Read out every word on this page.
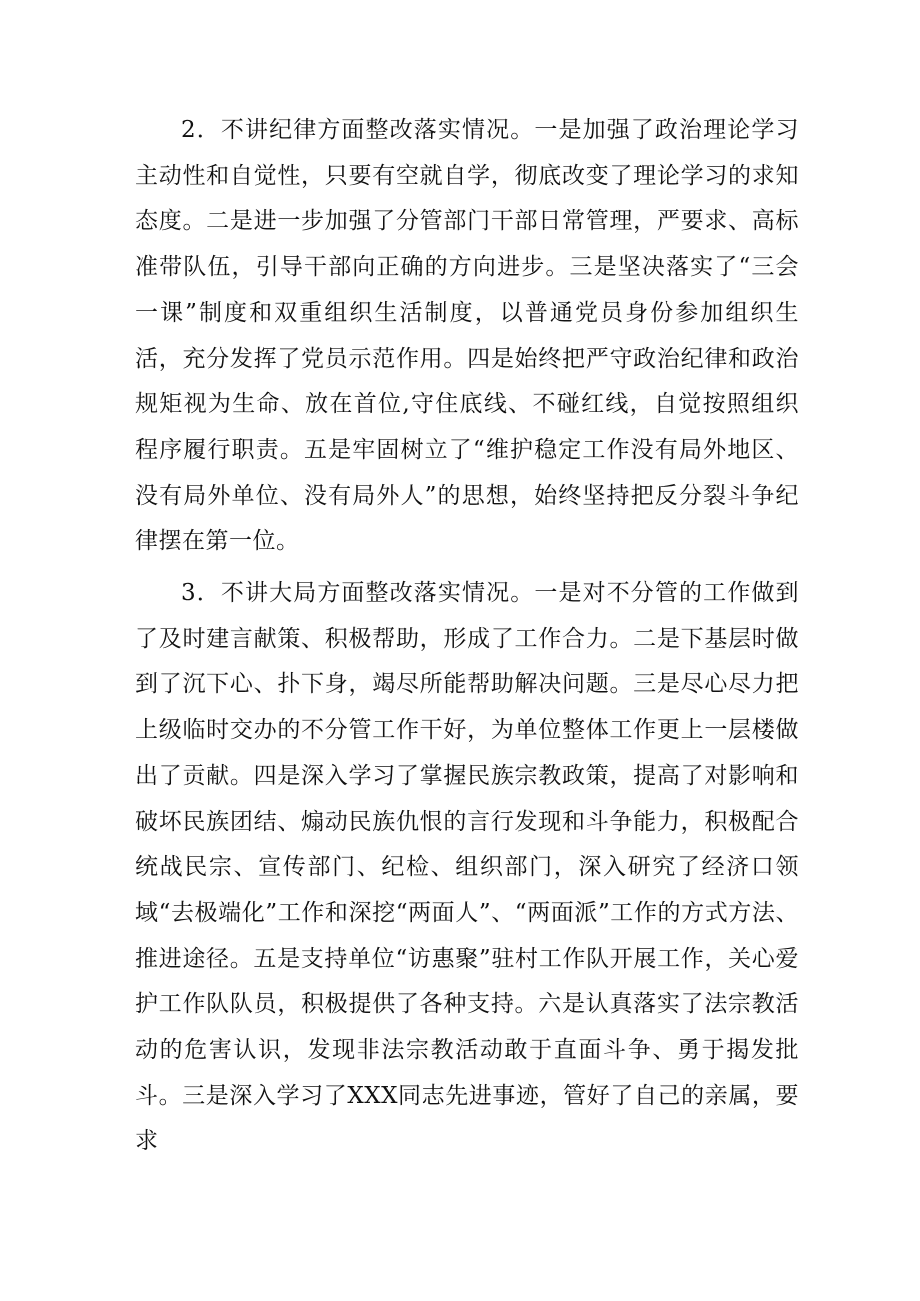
2．不讲纪律方面整改落实情况。一是加强了政治理论学习主动性和自觉性，只要有空就自学，彻底改变了理论学习的求知态度。二是进一步加强了分管部门干部日常管理，严要求、高标准带队伍，引导干部向正确的方向进步。三是坚决落实了“三会一课”制度和双重组织生活制度，以普通党员身份参加组织生活，充分发挥了党员示范作用。四是始终把严守政治纪律和政治规矩视为生命、放在首位,守住底线、不碰红线，自觉按照组织程序履行职责。五是牢固树立了“维护稳定工作没有局外地区、没有局外单位、没有局外人”的思想，始终坚持把反分裂斗争纪律摆在第一位。

3．不讲大局方面整改落实情况。一是对不分管的工作做到了及时建言献策、积极帮助，形成了工作合力。二是下基层时做到了沉下心、扑下身，竭尽所能帮助解决问题。三是尽心尽力把上级临时交办的不分管工作干好，为单位整体工作更上一层楼做出了贡献。四是深入学习了掌握民族宗教政策，提高了对影响和破坏民族团结、煽动民族仇恨的言行发现和斗争能力，积极配合统战民宗、宣传部门、纪检、组织部门，深入研究了经济口领域“去极端化”工作和深挖“两面人”、“两面派”工作的方式方法、推进途径。五是支持单位“访惠聚”驻村工作队开展工作，关心爱护工作队队员，积极提供了各种支持。六是认真落实了法宗教活动的危害认识，发现非法宗教活动敢于直面斗争、勇于揭发批斗。三是深入学习了XXX同志先进事迹，管好了自己的亲属，要求
